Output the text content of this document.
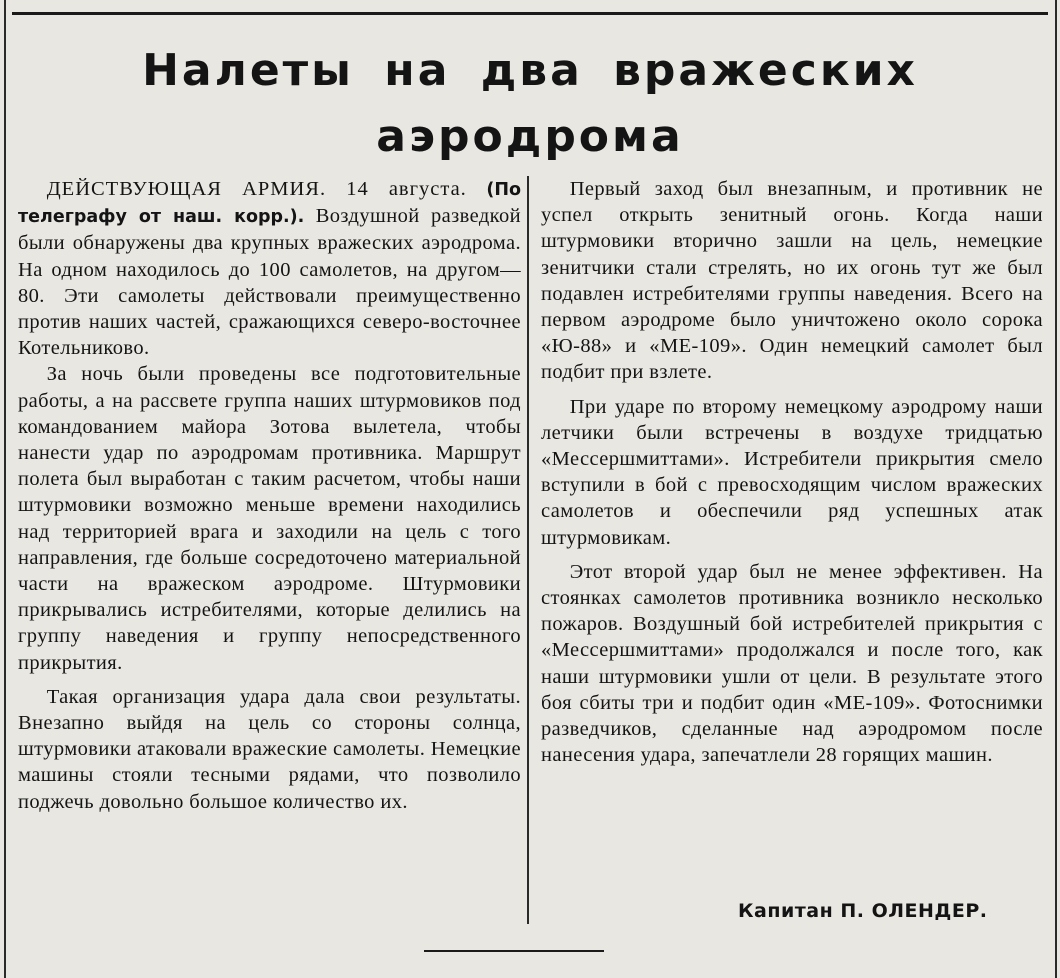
Налеты на два вражеских
аэродрома

ДЕЙСТВУЮЩАЯ АРМИЯ. 14 августа. (По телеграфу от наш. корр.). Воздушной разведкой были обнаружены два крупных вражеских аэродрома. На одном находилось до 100 самолетов, на другом—80. Эти самолеты действовали преимущественно против наших частей, сражающихся северо-восточнее Котельниково.

За ночь были проведены все подготовительные работы, а на рассвете группа наших штурмовиков под командованием майора Зотова вылетела, чтобы нанести удар по аэродромам противника. Маршрут полета был выработан с таким расчетом, чтобы наши штурмовики возможно меньше времени находились над территорией врага и заходили на цель с того направления, где больше сосредоточено материальной части на вражеском аэродроме. Штурмовики прикрывались истребителями, которые делились на группу наведения и группу непосредственного прикрытия.

Такая организация удара дала свои результаты. Внезапно выйдя на цель со стороны солнца, штурмовики атаковали вражеские самолеты. Немецкие машины стояли тесными рядами, что позволило поджечь довольно большое количество их.

Первый заход был внезапным, и противник не успел открыть зенитный огонь. Когда наши штурмовики вторично зашли на цель, немецкие зенитчики стали стрелять, но их огонь тут же был подавлен истребителями группы наведения. Всего на первом аэродроме было уничтожено около сорока «Ю-88» и «МЕ-109». Один немецкий самолет был подбит при взлете.

При ударе по второму немецкому аэродрому наши летчики были встречены в воздухе тридцатью «Мессершмиттами». Истребители прикрытия смело вступили в бой с превосходящим числом вражеских самолетов и обеспечили ряд успешных атак штурмовикам.

Этот второй удар был не менее эффективен. На стоянках самолетов противника возникло несколько пожаров. Воздушный бой истребителей прикрытия с «Мессершмиттами» продолжался и после того, как наши штурмовики ушли от цели. В результате этого боя сбиты три и подбит один «МЕ-109». Фотоснимки разведчиков, сделанные над аэродромом после нанесения удара, запечатлели 28 горящих машин.

Капитан П. ОЛЕНДЕР.
